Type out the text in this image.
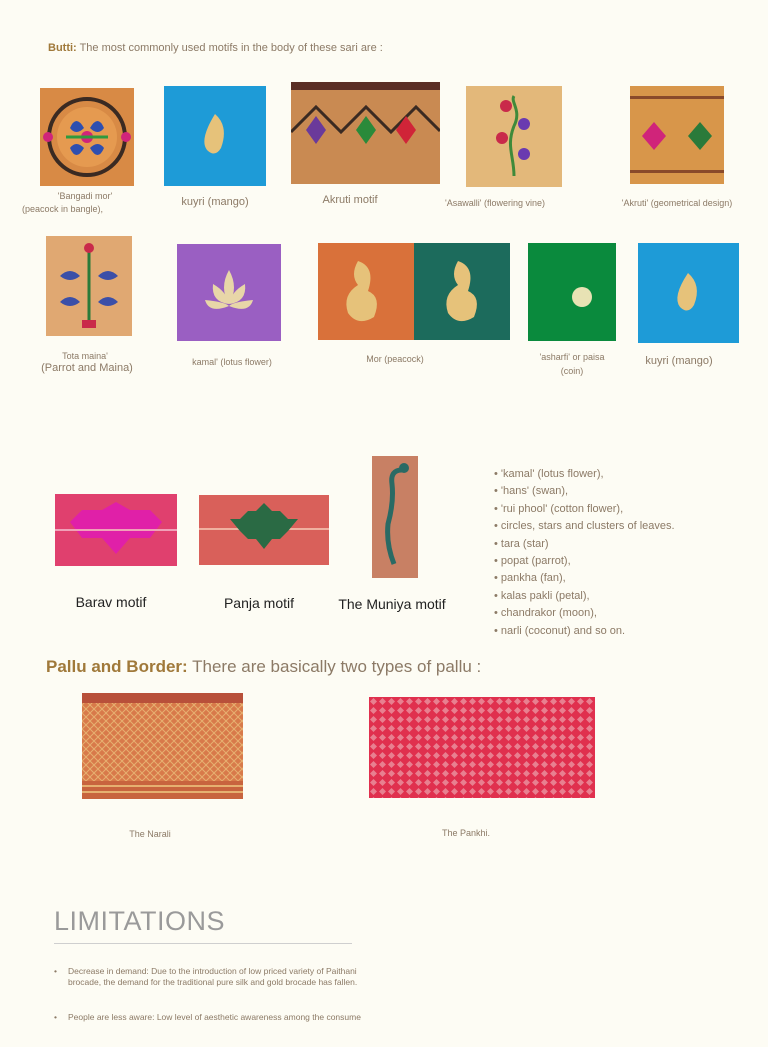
Butti: The most commonly used motifs in the body of these sari are :
'Bangadi mor'
(peacock in bangle),
kuyri (mango)	Akruti motif	'Asawalli' (flowering vine)	'Akruti' (geometrical design)
Tota maina'
(Parrot and Maina)	kamal' (lotus flower)	Mor (peacock)	'asharfi' or paisa
(coin)
kuyri (mango)
Barav motif	Panja motif	The Muniya motif
• 'kamal' (lotus flower),
• 'hans' (swan),
• 'rui phool' (cotton flower),
• circles, stars and clusters of leaves.
• tara (star)
• popat (parrot),
• pankha (fan),
• kalas pakli (petal),
• chandrakor (moon),
• narli (coconut) and so on.
Pallu and Border: There are basically two types of pallu :
The Narali	The Pankhi.
LIMITATIONS
• Decrease in demand: Due to the introduction of low priced variety of Paithani brocade, the demand for the traditional pure silk and gold brocade has fallen.
• People are less aware: Low level of aesthetic awareness among the consume
